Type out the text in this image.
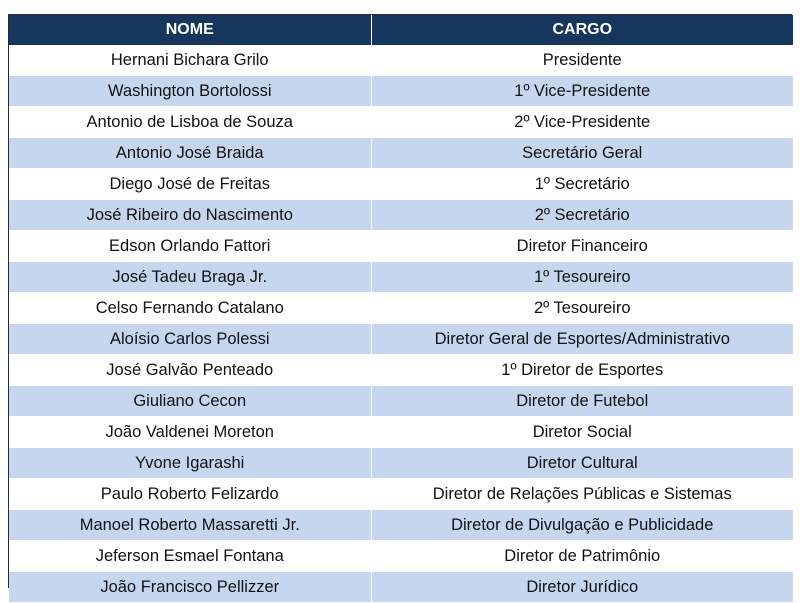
NOME	CARGO
Hernani Bichara Grilo	Presidente
Washington Bortolossi	1º Vice-Presidente
Antonio de Lisboa de Souza	2º Vice-Presidente
Antonio José Braida	Secretário Geral
Diego José de Freitas	1º Secretário
José Ribeiro do Nascimento	2º Secretário
Edson Orlando Fattori	Diretor Financeiro
José Tadeu Braga Jr.	1º Tesoureiro
Celso Fernando Catalano	2º Tesoureiro
Aloísio Carlos Polessi	Diretor Geral de Esportes/Administrativo
José Galvão Penteado	1º Diretor de Esportes
Giuliano Cecon	Diretor de Futebol
João Valdenei Moreton	Diretor Social
Yvone Igarashi	Diretor Cultural
Paulo Roberto Felizardo	Diretor de Relações Públicas e Sistemas
Manoel Roberto Massaretti Jr.	Diretor de Divulgação e Publicidade
Jeferson Esmael Fontana	Diretor de Patrimônio
João Francisco Pellizzer	Diretor Jurídico
